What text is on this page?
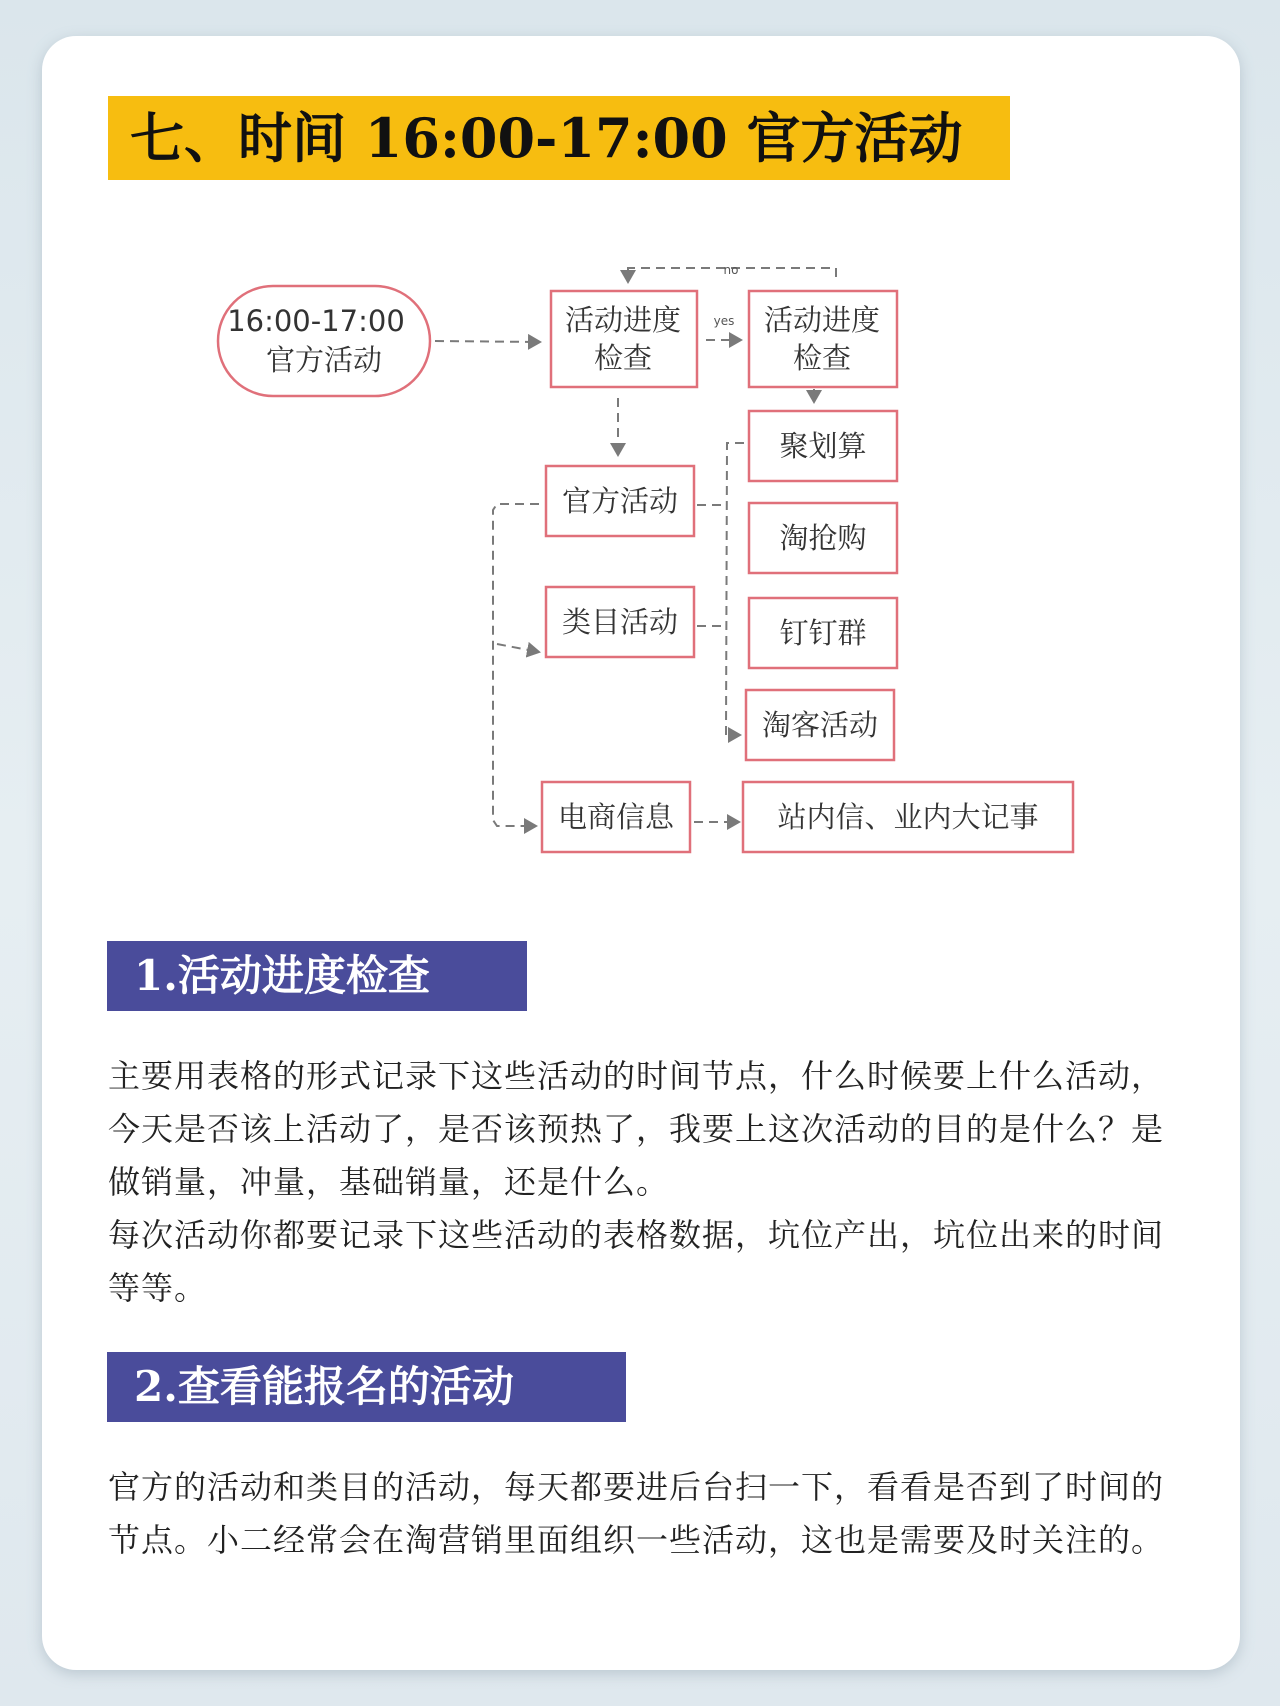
七、时间 16:00-17:00 官方活动
16:00-17:00
官方活动
活动进度
检查
活动进度
检查
yes
no
聚划算
官方活动
淘抢购
类目活动	钉钉群
淘客活动
电商信息	站内信、业内大记事
1.活动进度检查

主要用表格的形式记录下这些活动的时间节点，什么时候要上什么活动，今天是否该上活动了，是否该预热了，我要上这次活动的目的是什么？是做销量，冲量，基础销量，还是什么。

每次活动你都要记录下这些活动的表格数据，坑位产出，坑位出来的时间等等。

2.查看能报名的活动

官方的活动和类目的活动，每天都要进后台扫一下，看看是否到了时间的节点。小二经常会在淘营销里面组织一些活动，这也是需要及时关注的。
